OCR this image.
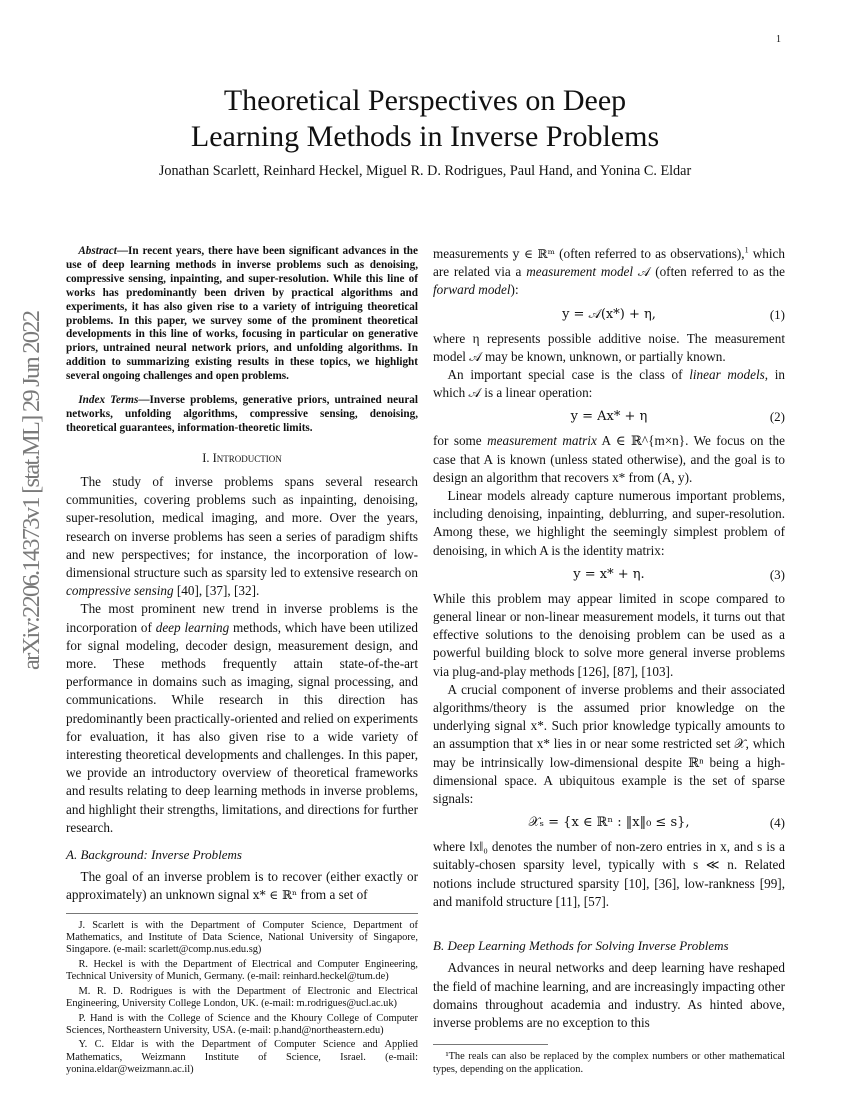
1
arXiv:2206.14373v1 [stat.ML] 29 Jun 2022
Theoretical Perspectives on Deep
Learning Methods in Inverse Problems
Jonathan Scarlett, Reinhard Heckel, Miguel R. D. Rodrigues, Paul Hand, and Yonina C. Eldar

Abstract—In recent years, there have been significant advances in the use of deep learning methods in inverse problems such as denoising, compressive sensing, inpainting, and super-resolution. While this line of works has predominantly been driven by practical algorithms and experiments, it has also given rise to a variety of intriguing theoretical problems. In this paper, we survey some of the prominent theoretical developments in this line of works, focusing in particular on generative priors, untrained neural network priors, and unfolding algorithms. In addition to summarizing existing results in these topics, we highlight several ongoing challenges and open problems.

Index Terms—Inverse problems, generative priors, untrained neural networks, unfolding algorithms, compressive sensing, denoising, theoretical guarantees, information-theoretic limits.

I. Introduction

The study of inverse problems spans several research communities, covering problems such as inpainting, denoising, super-resolution, medical imaging, and more. Over the years, research on inverse problems has seen a series of paradigm shifts and new perspectives; for instance, the incorporation of low-dimensional structure such as sparsity led to extensive research on compressive sensing [40], [37], [32].

The most prominent new trend in inverse problems is the incorporation of deep learning methods, which have been utilized for signal modeling, decoder design, measurement design, and more. These methods frequently attain state-of-the-art performance in domains such as imaging, signal processing, and communications. While research in this direction has predominantly been practically-oriented and relied on experiments for evaluation, it has also given rise to a wide variety of interesting theoretical developments and challenges. In this paper, we provide an introductory overview of theoretical frameworks and results relating to deep learning methods in inverse problems, and highlight their strengths, limitations, and directions for further research.

A. Background: Inverse Problems

The goal of an inverse problem is to recover (either exactly or approximately) an unknown signal x* ∈ ℝⁿ from a set of

J. Scarlett is with the Department of Computer Science, Department of Mathematics, and Institute of Data Science, National University of Singapore, Singapore. (e-mail: scarlett@comp.nus.edu.sg)

R. Heckel is with the Department of Electrical and Computer Engineering, Technical University of Munich, Germany. (e-mail: reinhard.heckel@tum.de)

M. R. D. Rodrigues is with the Department of Electronic and Electrical Engineering, University College London, UK. (e-mail: m.rodrigues@ucl.ac.uk)

P. Hand is with the College of Science and the Khoury College of Computer Sciences, Northeastern University, USA. (e-mail: p.hand@northeastern.edu)

Y. C. Eldar is with the Department of Computer Science and Applied Mathematics, Weizmann Institute of Science, Israel. (e-mail: yonina.eldar@weizmann.ac.il)

measurements y ∈ ℝᵐ (often referred to as observations),$^1$ which are related via a measurement model 𝒜 (often referred to as the forward model):

y = 𝒜(x*) + η,	(1)

where η represents possible additive noise. The measurement model 𝒜 may be known, unknown, or partially known.

An important special case is the class of linear models, in which 𝒜 is a linear operation:

y = Ax* + η	(2)

for some measurement matrix A ∈ ℝ^{m×n}. We focus on the case that A is known (unless stated otherwise), and the goal is to design an algorithm that recovers x* from (A, y).

Linear models already capture numerous important problems, including denoising, inpainting, deblurring, and super-resolution. Among these, we highlight the seemingly simplest problem of denoising, in which A is the identity matrix:

y = x* + η.	(3)

While this problem may appear limited in scope compared to general linear or non-linear measurement models, it turns out that effective solutions to the denoising problem can be used as a powerful building block to solve more general inverse problems via plug-and-play methods [126], [87], [103].

A crucial component of inverse problems and their associated algorithms/theory is the assumed prior knowledge on the underlying signal x*. Such prior knowledge typically amounts to an assumption that x* lies in or near some restricted set 𝒳, which may be intrinsically low-dimensional despite ℝⁿ being a high-dimensional space. A ubiquitous example is the set of sparse signals:

𝒳ₛ = {x ∈ ℝⁿ : ‖x‖₀ ≤ s},	(4)

where ‖x‖₀ denotes the number of non-zero entries in x, and s is a suitably-chosen sparsity level, typically with s ≪ n. Related notions include structured sparsity [10], [36], low-rankness [99], and manifold structure [11], [57].

B. Deep Learning Methods for Solving Inverse Problems

Advances in neural networks and deep learning have reshaped the field of machine learning, and are increasingly impacting other domains throughout academia and industry. As hinted above, inverse problems are no exception to this

¹The reals can also be replaced by the complex numbers or other mathematical types, depending on the application.
